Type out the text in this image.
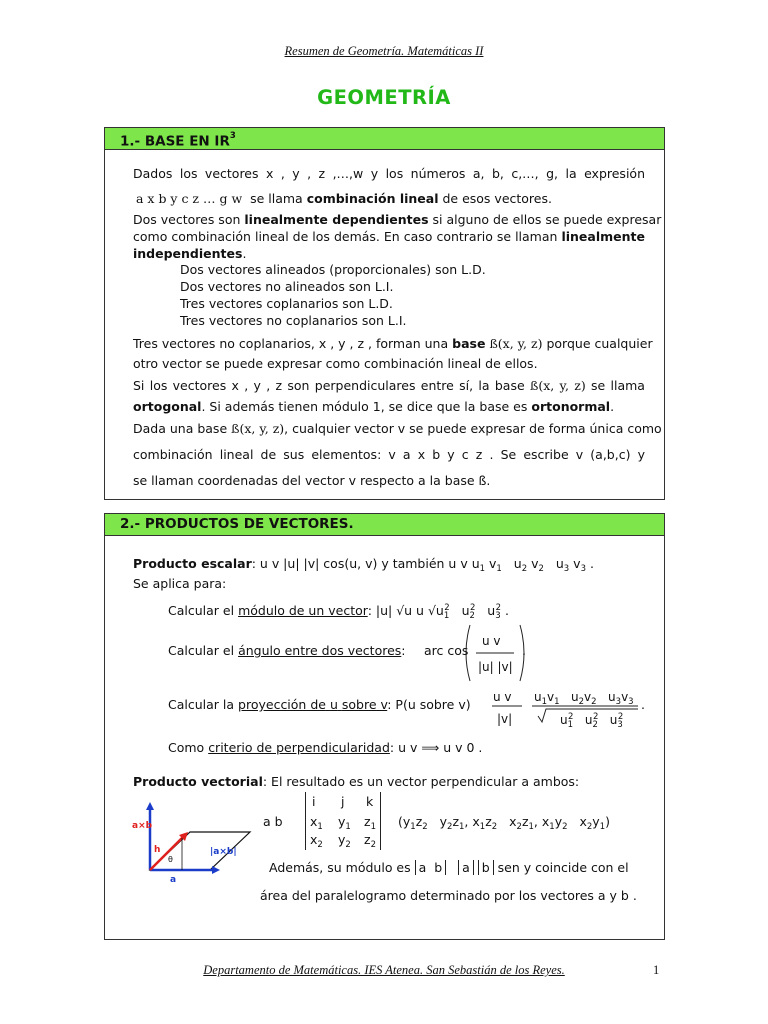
Resumen de Geometría. Matemáticas II
GEOMETRÍA
1.- BASE EN $IR^3$
Dados los vectores x , y , z ,…,w y los números a, b, c,…, g, la expresión
a x b y c z … g w se llama combinación lineal de esos vectores.
Dos vectores son linealmente dependientes si alguno de ellos se puede expresar
como combinación lineal de los demás. En caso contrario se llaman linealmente
independientes.
Dos vectores alineados (proporcionales) son L.D.
Dos vectores no alineados son L.I.
Tres vectores coplanarios son L.D.
Tres vectores no coplanarios son L.I.
Tres vectores no coplanarios, x , y , z , forman una base ß(x, y, z) porque cualquier
otro vector se puede expresar como combinación lineal de ellos.
Si los vectores x , y , z son perpendiculares entre sí, la base ß(x, y, z) se llama
ortogonal. Si además tienen módulo 1, se dice que la base es ortonormal.
Dada una base ß(x, y, z), cualquier vector v se puede expresar de forma única como
combinación lineal de sus elementos: v a x b y c z . Se escribe v (a,b,c) y
se llaman coordenadas del vector v respecto a la base ß.
2.- PRODUCTOS DE VECTORES.
Producto escalar: u v |u| |v| cos(u, v) y también u v $u_1$ $v_1$   $u_2$ $v_2$   $u_3$ $v_3$ .
Se aplica para:
Calcular el módulo de un vector: |u| √u u $√u_1^2$   $u_2^2$   $u_3^2$ .
Calcular el ángulo entre dos vectores: arc cos
u v
|u| |v|
.
Calcular la proyección de u sobre v: P(u sobre v) u v
|v|
$u_1v_1$   $u_2v_2$   $u_3v_3$
$u_1^2$   $u_2^2$   $u_3^2$
.
Como criterio de perpendicularidad: u v ⟹ u v 0 .
Producto vectorial: El resultado es un vector perpendicular a ambos:
a×b
|a×b|
h
θ
a
a b
i j k
$x_1$ $y_1$ $z_1$
$x_2$ $y_2$ $z_2$
($y_1z_2$   $y_2z_1$, $x_1z_2$   $x_2z_1$, $x_1y_2$   $x_2y_1$)
Además, su módulo es a  b a b sen y coincide con el
área del paralelogramo determinado por los vectores a y b .
Departamento de Matemáticas. IES Atenea. San Sebastián de los Reyes.	1
